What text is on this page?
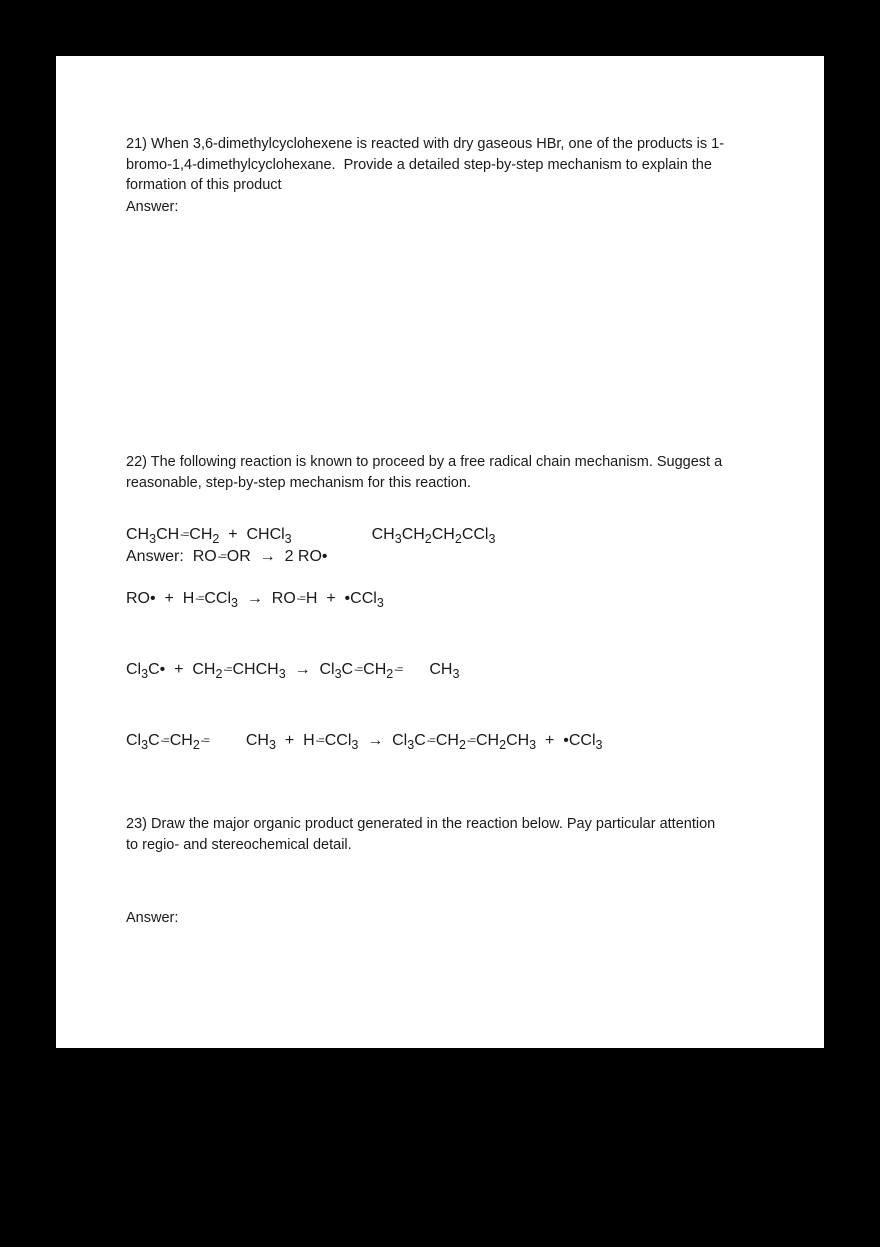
21) When 3,6-dimethylcyclohexene is reacted with dry gaseous HBr, one of the products is 1-bromo-1,4-dimethylcyclohexane.  Provide a detailed step-by-step mechanism to explain the formation of this product

Answer:

22) The following reaction is known to proceed by a free radical chain mechanism. Suggest a reasonable, step-by-step mechanism for this reaction.

$CH_3CH-=CH_2$  +  CHCl$_3$	$CH_3CH_2CH_2CCl_3$

Answer:  RO-=OR  →  2 RO•

RO•  +  H-=CCl$_3$  →  RO-=H  +  •CCl$_3$

$Cl_3C•$  +  $CH_2-=CHCH_3 \to Cl_3C-=CH_2-= CH_3$

$Cl_3C-=CH_2-= CH_3 + H-=CCl_3 \to Cl_3C-=CH_2-=CH_2CH_3$  +  •CCl$_3$

23) Draw the major organic product generated in the reaction below. Pay particular attention to regio- and stereochemical detail.

Answer:
